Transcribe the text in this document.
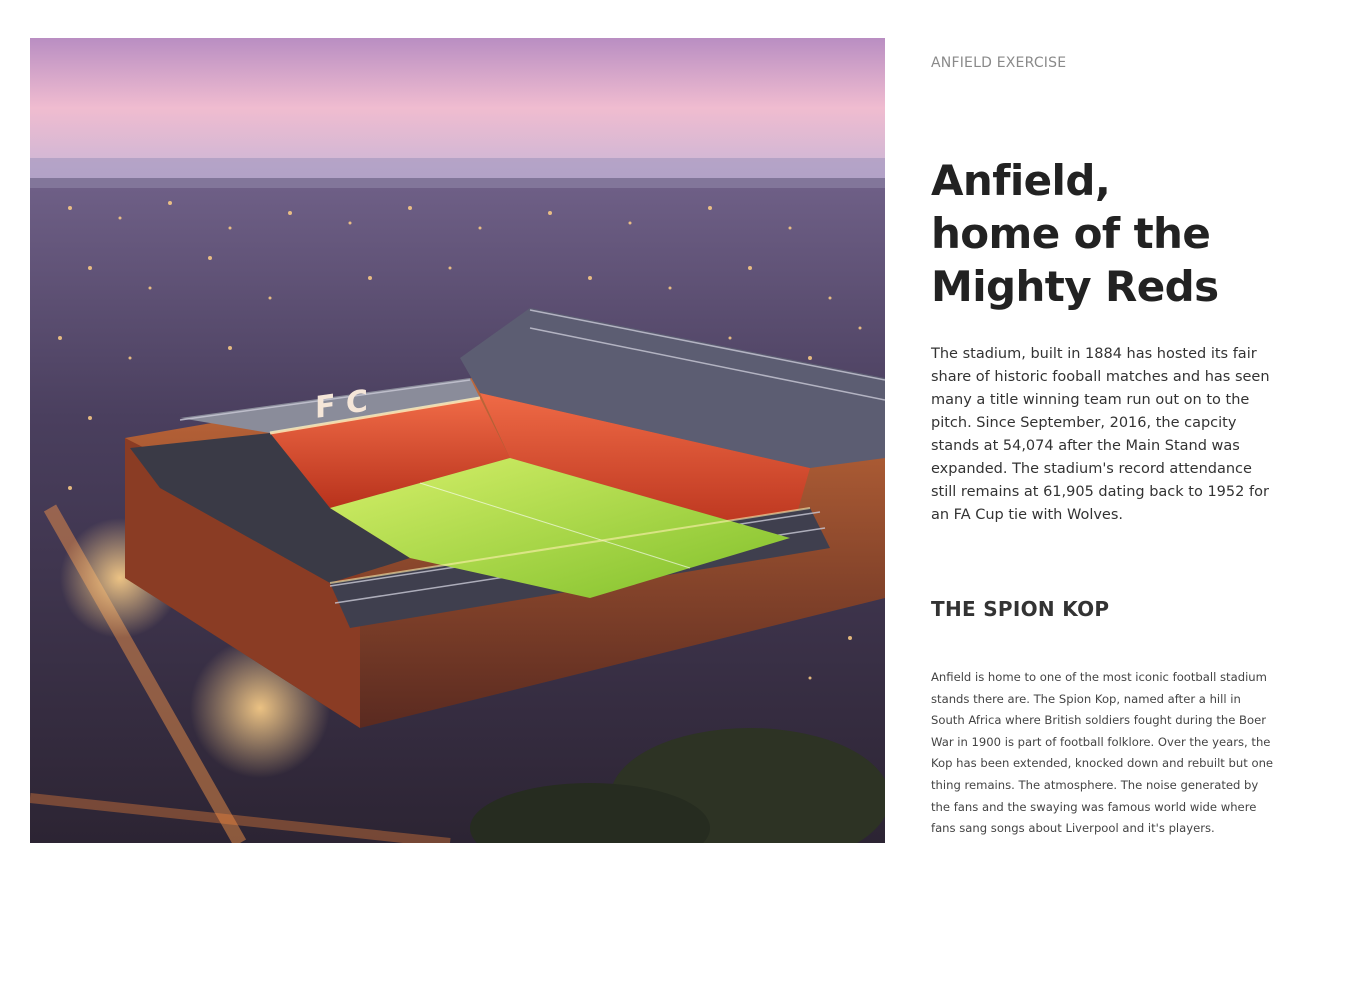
F C

ANFIELD EXERCISE

Anfield, home of the Mighty Reds

The stadium, built in 1884 has hosted its fair share of historic fooball matches and has seen many a title winning team run out on to the pitch. Since September, 2016, the capcity stands at 54,074 after the Main Stand was expanded. The stadium's record attendance still remains at 61,905 dating back to 1952 for an FA Cup tie with Wolves.

THE SPION KOP

Anfield is home to one of the most iconic football stadium stands there are. The Spion Kop, named after a hill in South Africa where British soldiers fought during the Boer War in 1900 is part of football folklore. Over the years, the Kop has been extended, knocked down and rebuilt but one thing remains. The atmosphere. The noise generated by the fans and the swaying was famous world wide where fans sang songs about Liverpool and it's players.
